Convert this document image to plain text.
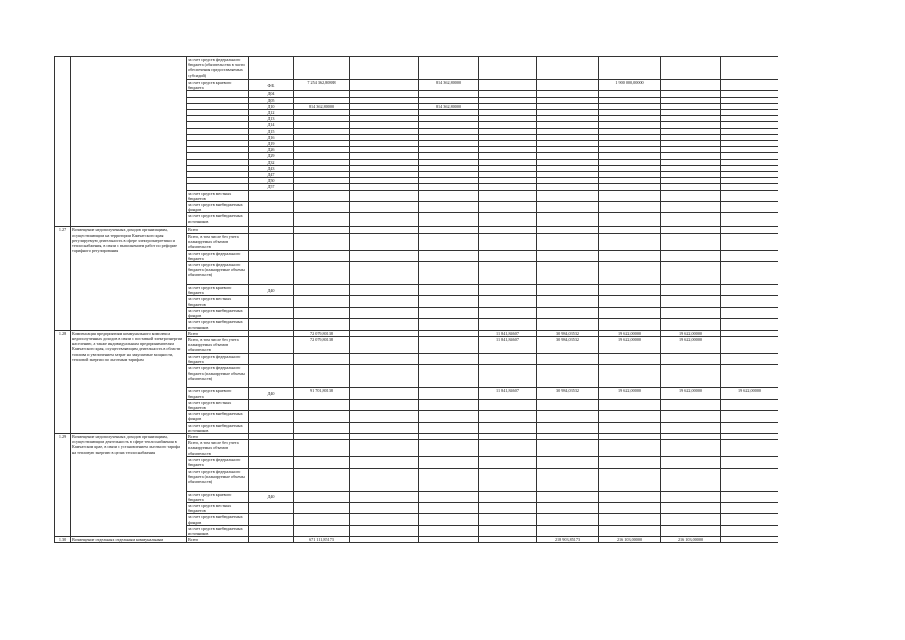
		за счет средств федерального бюджета (обязательства в части обеспечения предоставляемых субсидий)									
		за счет средств краевого бюджета	Ф/Б	7 254 362,80888		814 362,80000			1 900 000,00000		
			Д04								
			Д05								
			Д10	814 362,80000		814 362,80000					
			Д12								
			Д13								
			Д14								
			Д15								
			Д16								
			Д19								
			Д26								
			Д29								
			Д32								
			Д43								
			Д47								
			Д50								
			Д57								
		за счет средств местных бюджетов									
		за счет средств внебюджетных фондов									
		за счет средств внебюджетных источников									
1.27	Возмещение недополученных доходов организациям, осуществляющим на территории Камчатского края регулируемую деятельность в сфере электроэнергетики и теплоснабжения, в связи с выполнением работ по реформе тарифного регулирования	Всего									
		Всего, в том числе без учета планируемых объемов обязательств									
		за счет средств федерального бюджета									
		за счет средств федерального бюджета (планируемые объемы обязательств)									
		за счет средств краевого бюджета	Д40								
		за счет средств местных бюджетов									
		за счет средств внебюджетных фондов									
		за счет средств внебюджетных источников									
1.28	Компенсация предприятиям коммунального комплекса недополученных доходов в связи с поставкой электроэнергии населению, а также индивидуальным предпринимателям Камчатского края, осуществляющим деятельность в области топлива и увеличением затрат на закупаемые мощности, тепловой энергии по льготным тарифам	Всего		72 079,80138			11 841,84607	30 984,03532	19 622,00000	19 622,00000	
		Всего, в том числе без учета планируемых объемов обязательств		72 079,80138			11 841,84607	30 984,03532	19 622,00000	19 622,00000	
		за счет средств федерального бюджета									
		за счет средств федерального бюджета (планируемые объемы обязательств)									
		за счет средств краевого бюджета	Д40	91 701,80138			11 841,84607	30 984,03532	19 622,00000	19 622,00000	19 622,00000
		за счет средств местных бюджетов									
		за счет средств внебюджетных фондов									
		за счет средств внебюджетных источников									
1.29	Возмещение недополученных доходов организациям, осуществляющим деятельность в сфере теплоснабжения в Камчатском крае, в связи с установлением льготного тарифа на тепловую энергию в целях теплоснабжения	Всего									
		Всего, в том числе без учета планируемых объемов обязательств									
		за счет средств федерального бюджета									
		за счет средств федерального бюджета (планируемые объемы обязательств)									
		за счет средств краевого бюджета	Д40								
		за счет средств местных бюджетов									
		за счет средств внебюджетных фондов									
		за счет средств внебюджетных источников									
1.30	Возмещение отдельных отдельным коммунальным	Всего		671 111,85173				218 903,85173	216 103,00000	216 103,00000	
